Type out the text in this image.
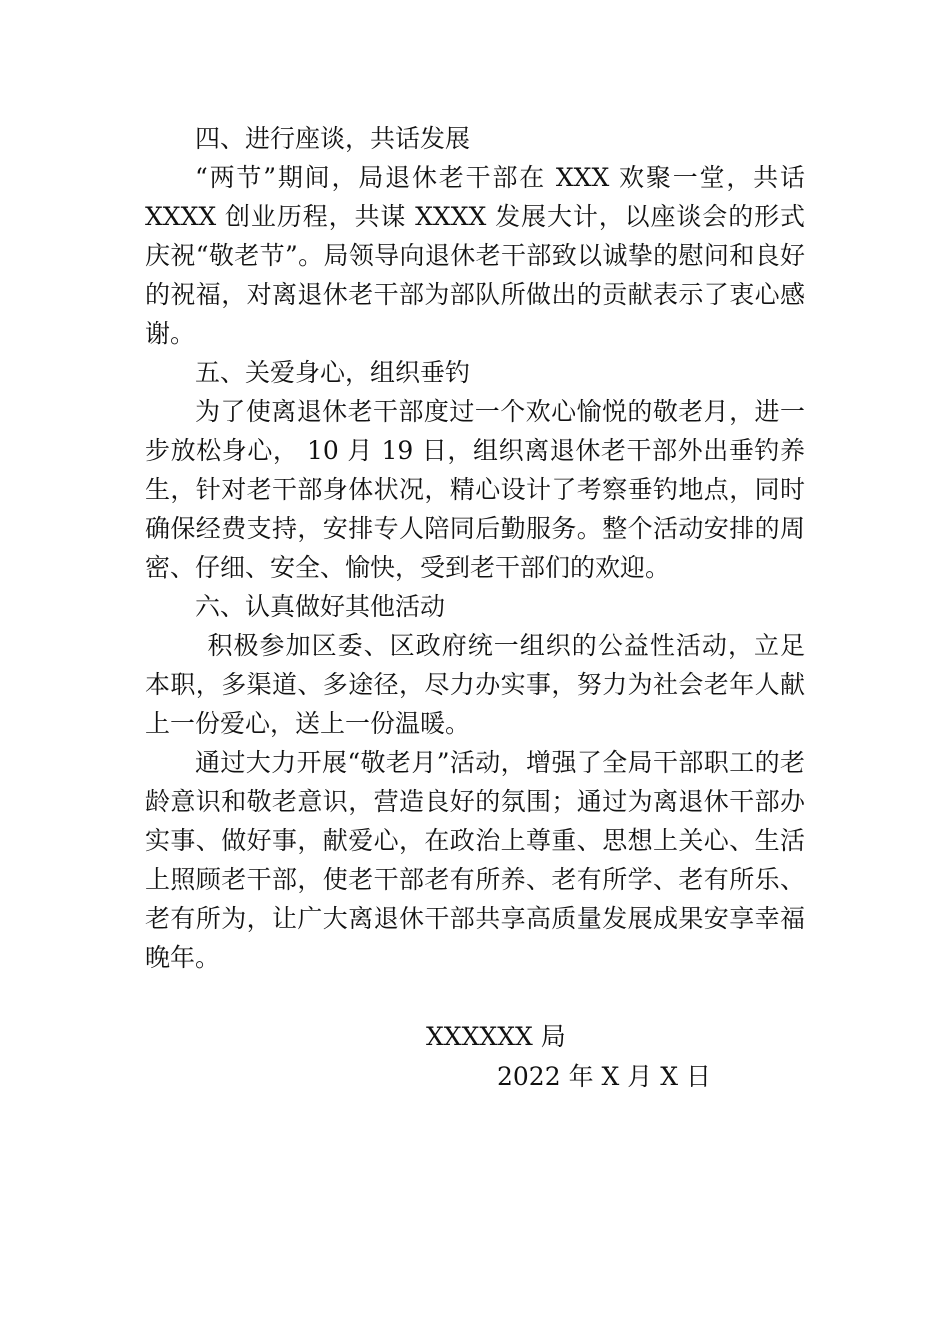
四、进行座谈，共话发展

“两节”期间，局退休老干部在 XXX 欢聚一堂，共话 XXXX 创业历程，共谋 XXXX 发展大计，以座谈会的形式庆祝“敬老节”。局领导向退休老干部致以诚挚的慰问和良好的祝福，对离退休老干部为部队所做出的贡献表示了衷心感谢。

五、关爱身心，组织垂钓

为了使离退休老干部度过一个欢心愉悦的敬老月，进一步放松身心， 10 月 19 日，组织离退休老干部外出垂钓养生，针对老干部身体状况，精心设计了考察垂钓地点，同时确保经费支持，安排专人陪同后勤服务。整个活动安排的周密、仔细、安全、愉快，受到老干部们的欢迎。

六、认真做好其他活动

积极参加区委、区政府统一组织的公益性活动，立足本职，多渠道、多途径，尽力办实事，努力为社会老年人献上一份爱心，送上一份温暖。

通过大力开展“敬老月”活动，增强了全局干部职工的老龄意识和敬老意识，营造良好的氛围；通过为离退休干部办实事、做好事，献爱心，在政治上尊重、思想上关心、生活上照顾老干部，使老干部老有所养、老有所学、老有所乐、老有所为，让广大离退休干部共享高质量发展成果安享幸福晚年。

XXXXXX 局
2022 年 X 月 X 日
